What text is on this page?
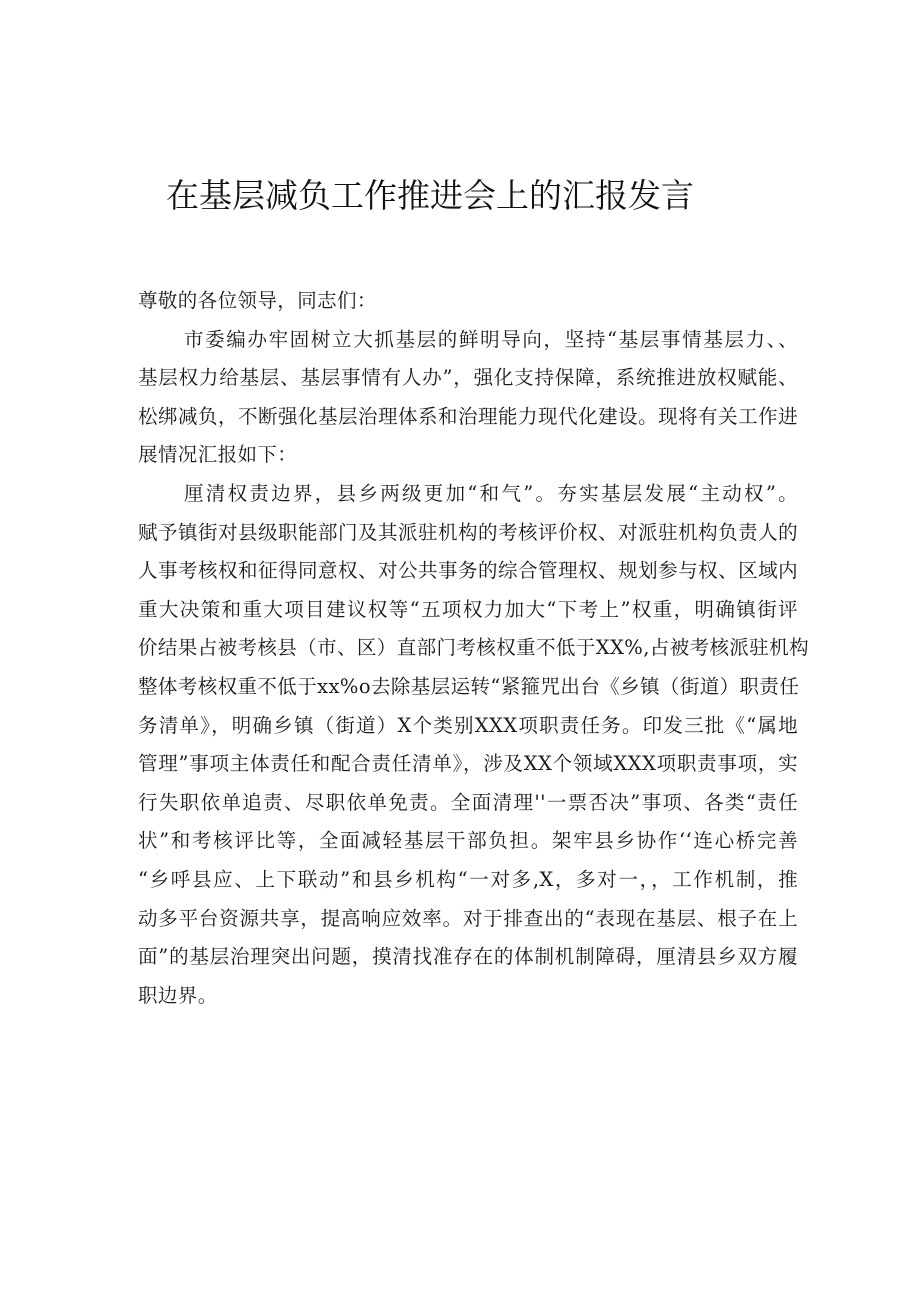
在基层减负工作推进会上的汇报发言
尊敬的各位领导，同志们：
市委编办牢固树立大抓基层的鲜明导向，坚持“基层事情基层力、、
基层权力给基层、基层事情有人办”，强化支持保障，系统推进放权赋能、
松绑减负，不断强化基层治理体系和治理能力现代化建设。现将有关工作进
展情况汇报如下：
厘清权责边界，县乡两级更加“和气”。夯实基层发展“主动权”。
赋予镇街对县级职能部门及其派驻机构的考核评价权、对派驻机构负责人的
人事考核权和征得同意权、对公共事务的综合管理权、规划参与权、区域内
重大决策和重大项目建议权等“五项权力加大“下考上”权重，明确镇街评
价结果占被考核县（市、区）直部门考核权重不低于XX%,占被考核派驻机构
整体考核权重不低于xx%o去除基层运转“紧箍咒出台《乡镇（街道）职责任
务清单》，明确乡镇（街道）X个类别XXX项职责任务。印发三批《“属地
管理”事项主体责任和配合责任清单》，涉及XX个领域XXX项职责事项，实
行失职依单追责、尽职依单免责。全面清理''一票否决”事项、各类“责任
状”和考核评比等，全面减轻基层干部负担。架牢县乡协作‘‘连心桥完善
“乡呼县应、上下联动”和县乡机构“一对多,X，多对一，，工作机制，推
动多平台资源共享，提高响应效率。对于排查出的“表现在基层、根子在上
面”的基层治理突出问题，摸清找准存在的体制机制障碍，厘清县乡双方履
职边界。
